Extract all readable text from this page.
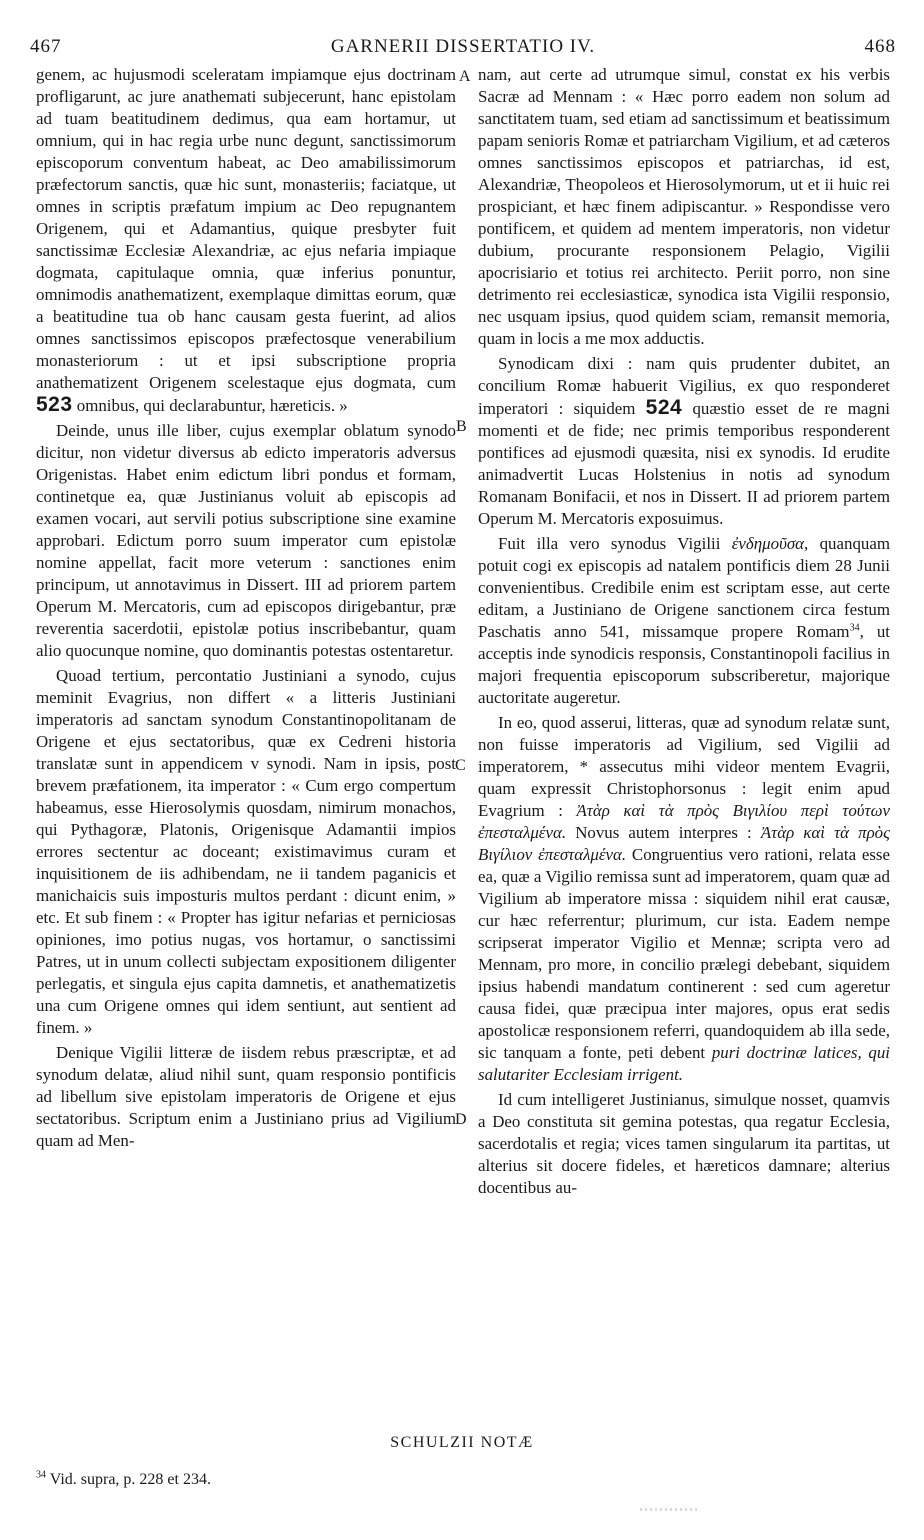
467	GARNERII DISSERTATIO IV.	468
A
B
C
D

genem, ac hujusmodi sceleratam impiamque ejus doctrinam profligarunt, ac jure anathemati subjecerunt, hanc epistolam ad tuam beatitudinem dedimus, qua eam hortamur, ut omnium, qui in hac regia urbe nunc degunt, sanctissimorum episcoporum conventum habeat, ac Deo amabilissimorum præfectorum sanctis, quæ hic sunt, monasteriis; faciatque, ut omnes in scriptis præfatum impium ac Deo repugnantem Origenem, qui et Adamantius, quique presbyter fuit sanctissimæ Ecclesiæ Alexandriæ, ac ejus nefaria impiaque dogmata, capitulaque omnia, quæ inferius ponuntur, omnimodis anathematizent, exemplaque dimittas eorum, quæ a beatitudine tua ob hanc causam gesta fuerint, ad alios omnes sanctissimos episcopos præfectosque venerabilium monasteriorum : ut et ipsi subscriptione propria anathematizent Origenem scelestaque ejus dogmata, cum 523 omnibus, qui declarabuntur, hæreticis. »

Deinde, unus ille liber, cujus exemplar oblatum synodo dicitur, non videtur diversus ab edicto imperatoris adversus Origenistas. Habet enim edictum libri pondus et formam, continetque ea, quæ Justinianus voluit ab episcopis ad examen vocari, aut servili potius subscriptione sine examine approbari. Edictum porro suum imperator cum epistolæ nomine appellat, facit more veterum : sanctiones enim principum, ut annotavimus in Dissert. III ad priorem partem Operum M. Mercatoris, cum ad episcopos dirigebantur, præ reverentia sacerdotii, epistolæ potius inscribebantur, quam alio quocunque nomine, quo dominantis potestas ostentaretur.

Quoad tertium, percontatio Justiniani a synodo, cujus meminit Evagrius, non differt « a litteris Justiniani imperatoris ad sanctam synodum Constantinopolitanam de Origene et ejus sectatoribus, quæ ex Cedreni historia translatæ sunt in appendicem v synodi. Nam in ipsis, post brevem præfationem, ita imperator : « Cum ergo compertum habeamus, esse Hierosolymis quosdam, nimirum monachos, qui Pythagoræ, Platonis, Origenisque Adamantii impios errores sectentur ac doceant; existimavimus curam et inquisitionem de iis adhibendam, ne ii tandem paganicis et manichaicis suis imposturis multos perdant : dicunt enim, » etc. Et sub finem : « Propter has igitur nefarias et perniciosas opiniones, imo potius nugas, vos hortamur, o sanctissimi Patres, ut in unum collecti subjectam expositionem diligenter perlegatis, et singula ejus capita damnetis, et anathematizetis una cum Origene omnes qui idem sentiunt, aut sentient ad finem. »

Denique Vigilii litteræ de iisdem rebus præscriptæ, et ad synodum delatæ, aliud nihil sunt, quam responsio pontificis ad libellum sive epistolam imperatoris de Origene et ejus sectatoribus. Scriptum enim a Justiniano prius ad Vigilium quam ad Men-

nam, aut certe ad utrumque simul, constat ex his verbis Sacræ ad Mennam : « Hæc porro eadem non solum ad sanctitatem tuam, sed etiam ad sanctissimum et beatissimum papam senioris Romæ et patriarcham Vigilium, et ad cæteros omnes sanctissimos episcopos et patriarchas, id est, Alexandriæ, Theopoleos et Hierosolymorum, ut et ii huic rei prospiciant, et hæc finem adipiscantur. » Respondisse vero pontificem, et quidem ad mentem imperatoris, non videtur dubium, procurante responsionem Pelagio, Vigilii apocrisiario et totius rei architecto. Periit porro, non sine detrimento rei ecclesiasticæ, synodica ista Vigilii responsio, nec usquam ipsius, quod quidem sciam, remansit memoria, quam in locis a me mox adductis.

Synodicam dixi : nam quis prudenter dubitet, an concilium Romæ habuerit Vigilius, ex quo responderet imperatori : siquidem 524 quæstio esset de re magni momenti et de fide; nec primis temporibus responderent pontifices ad ejusmodi quæsita, nisi ex synodis. Id erudite animadvertit Lucas Holstenius in notis ad synodum Romanam Bonifacii, et nos in Dissert. II ad priorem partem Operum M. Mercatoris exposuimus.

Fuit illa vero synodus Vigilii ἐνδημοῦσα, quanquam potuit cogi ex episcopis ad natalem pontificis diem 28 Junii convenientibus. Credibile enim est scriptam esse, aut certe editam, a Justiniano de Origene sanctionem circa festum Paschatis anno 541, missamque propere Romam$^{34}$, ut acceptis inde synodicis responsis, Constantinopoli facilius in majori frequentia episcoporum subscriberetur, majorique auctoritate augeretur.

In eo, quod asserui, litteras, quæ ad synodum relatæ sunt, non fuisse imperatoris ad Vigilium, sed Vigilii ad imperatorem, * assecutus mihi videor mentem Evagrii, quam expressit Christophorsonus : legit enim apud Evagrium : Ἀτὰρ καὶ τὰ πρὸς Βιγιλίου περὶ τούτων ἐπεσταλμένα. Novus autem interpres : Ἀτὰρ καὶ τὰ πρὸς Βιγίλιον ἐπεσταλμένα. Congruentius vero rationi, relata esse ea, quæ a Vigilio remissa sunt ad imperatorem, quam quæ ad Vigilium ab imperatore missa : siquidem nihil erat causæ, cur hæc referrentur; plurimum, cur ista. Eadem nempe scripserat imperator Vigilio et Mennæ; scripta vero ad Mennam, pro more, in concilio prælegi debebant, siquidem ipsius habendi mandatum continerent : sed cum ageretur causa fidei, quæ præcipua inter majores, opus erat sedis apostolicæ responsionem referri, quandoquidem ab illa sede, sic tanquam a fonte, peti debent puri doctrinæ latices, qui salutariter Ecclesiam irrigent.

Id cum intelligeret Justinianus, simulque nosset, quamvis a Deo constituta sit gemina potestas, qua regatur Ecclesia, sacerdotalis et regia; vices tamen singularum ita partitas, ut alterius sit docere fideles, et hæreticos damnare; alterius docentibus au-

SCHULZII NOTÆ
$^{34}$ Vid. supra, p. 228 et 234.
